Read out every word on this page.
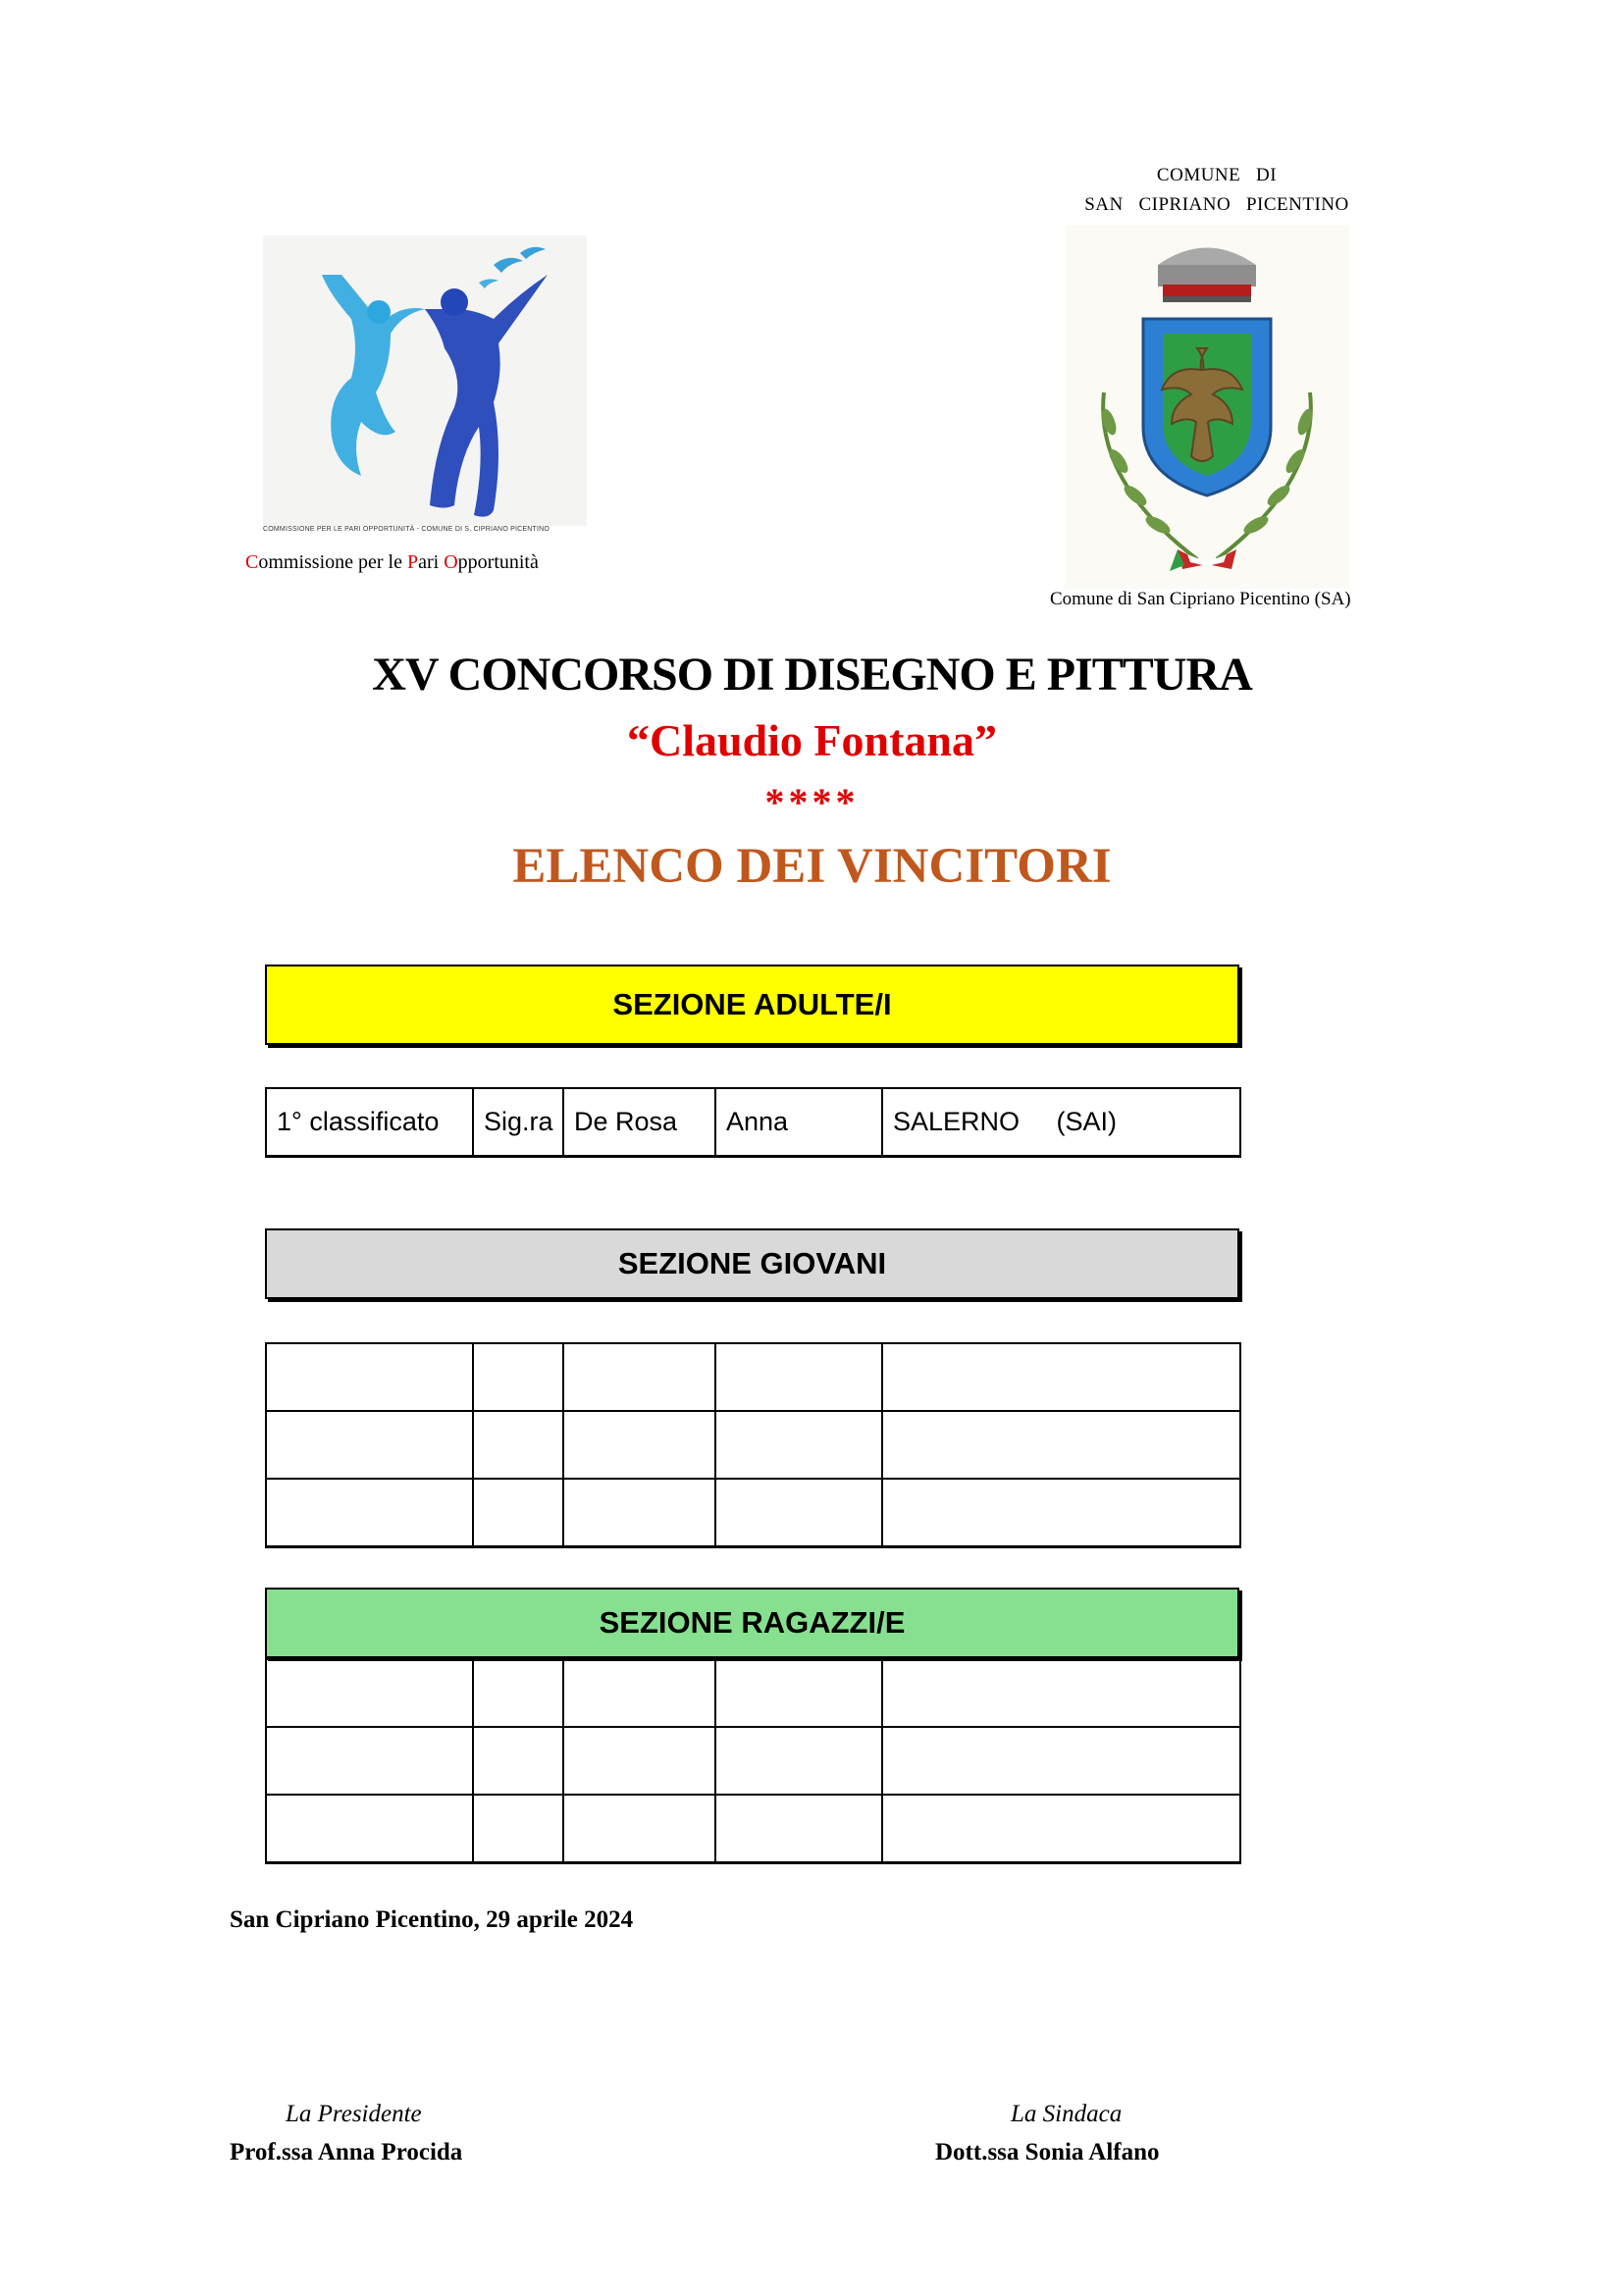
COMMISSIONE PER LE PARI OPPORTUNITÀ - COMUNE DI S. CIPRIANO PICENTINO
Commissione per le Pari Opportunità
COMUNE   DI
SAN   CIPRIANO   PICENTINO
Comune di San Cipriano Picentino (SA)
XV CONCORSO DI DISEGNO E PITTURA
“Claudio Fontana”
****
ELENCO DEI VINCITORI
SEZIONE ADULTE/I
1° classificato	Sig.ra	De Rosa	Anna	SALERNO     (SAI)
SEZIONE GIOVANI

SEZIONE RAGAZZI/E

San Cipriano Picentino, 29 aprile 2024
La Presidente
Prof.ssa Anna Procida
La Sindaca
Dott.ssa Sonia Alfano
